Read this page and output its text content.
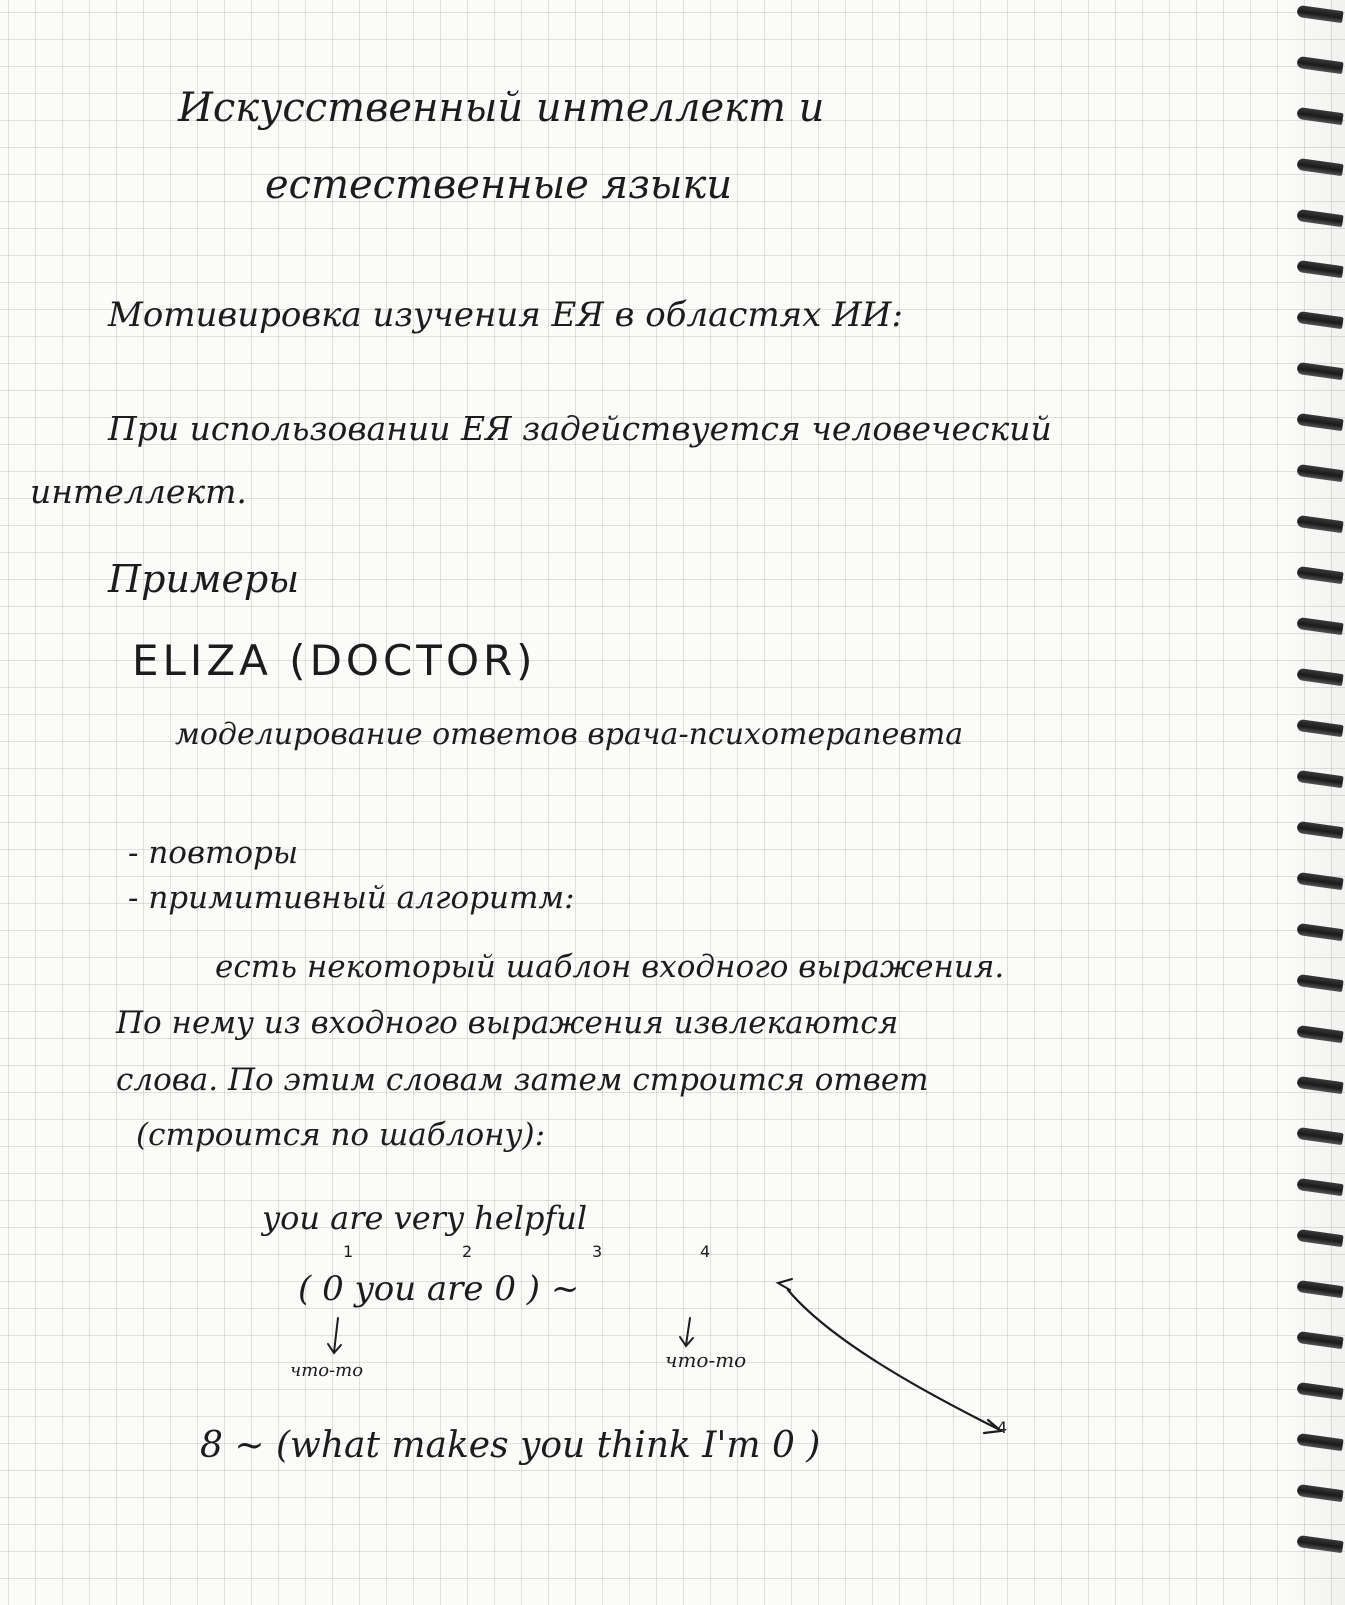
Искусственный интеллект и

естественные языки

Мотивировка изучения ЕЯ в областях ИИ:

При использовании ЕЯ задействуется человеческий

интеллект.

Примеры

ELIZA (DOCTOR)

моделирование ответов врача-психотерапевта

- повторы

- примитивный алгоритм:

есть некоторый шаблон входного выражения.

По нему из входного выражения извлекаются

слова. По этим словам затем строится ответ

(строится по шаблону):

you are very helpful

1	2	3	4

( 0 you are 0 ) ~

что-то	что-то

4

8 ~ (what makes you think I'm 0 )
